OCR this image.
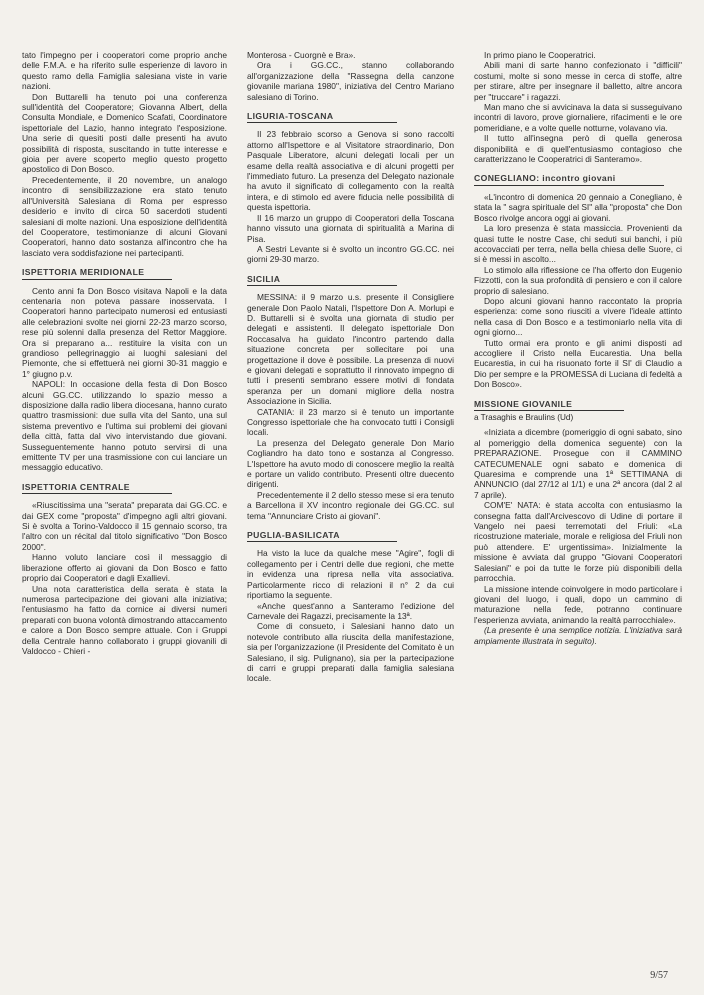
tato l'impegno per i cooperatori come proprio anche delle F.M.A. e ha riferito sulle esperienze di lavoro in questo ramo della Famiglia salesiana viste in varie nazioni.

Don Buttarelli ha tenuto poi una conferenza sull'identità del Cooperatore; Giovanna Albert, della Consulta Mondiale, e Domenico Scafati, Coordinatore ispettoriale del Lazio, hanno integrato l'esposizione. Una serie di quesiti posti dalle presenti ha avuto possibilità di risposta, suscitando in tutte interesse e gioia per avere scoperto meglio questo progetto apostolico di Don Bosco.

Precedentemente, il 20 novembre, un analogo incontro di sensibilizzazione era stato tenuto all'Università Salesiana di Roma per espresso desiderio e invito di circa 50 sacerdoti studenti salesiani di molte nazioni. Una esposizione dell'identità del Cooperatore, testimonianze di alcuni Giovani Cooperatori, hanno dato sostanza all'incontro che ha lasciato vera soddisfazione nei partecipanti.

ISPETTORIA MERIDIONALE

Cento anni fa Don Bosco visitava Napoli e la data centenaria non poteva passare inosservata. I Cooperatori hanno partecipato numerosi ed entusiasti alle celebrazioni svolte nei giorni 22-23 marzo scorso, rese più solenni dalla presenza del Rettor Maggiore. Ora si preparano a... restituire la visita con un grandioso pellegrinaggio ai luoghi salesiani del Piemonte, che si effettuerà nei giorni 30-31 maggio e 1° giugno p.v.

NAPOLI: In occasione della festa di Don Bosco alcuni GG.CC. utilizzando lo spazio messo a disposizione dalla radio libera diocesana, hanno curato quattro trasmissioni: due sulla vita del Santo, una sul sistema preventivo e l'ultima sui problemi dei giovani della città, fatta dal vivo intervistando due giovani. Susseguentemente hanno potuto servirsi di una emittente TV per una trasmissione con cui lanciare un messaggio educativo.

ISPETTORIA CENTRALE

«Riuscitissima una "serata" preparata dai GG.CC. e dai GEX come "proposta" d'impegno agli altri giovani. Si è svolta a Torino-Valdocco il 15 gennaio scorso, tra l'altro con un récital dal titolo significativo "Don Bosco 2000".

Hanno voluto lanciare così il messaggio di liberazione offerto ai giovani da Don Bosco e fatto proprio dai Cooperatori e dagli Exallievi.

Una nota caratteristica della serata è stata la numerosa partecipazione dei giovani alla iniziativa; l'entusiasmo ha fatto da cornice ai diversi numeri preparati con buona volontà dimostrando attaccamento e calore a Don Bosco sempre attuale. Con i Gruppi della Centrale hanno collaborato i gruppi giovanili di Valdocco - Chieri -

Monterosa - Cuorgnè e Bra».

Ora i GG.CC., stanno collaborando all'organizzazione della "Rassegna della canzone giovanile mariana 1980", iniziativa del Centro Mariano salesiano di Torino.

LIGURIA-TOSCANA

Il 23 febbraio scorso a Genova si sono raccolti attorno all'Ispettore e al Visitatore straordinario, Don Pasquale Liberatore, alcuni delegati locali per un esame della realtà associativa e di alcuni progetti per l'immediato futuro. La presenza del Delegato nazionale ha avuto il significato di collegamento con la realtà intera, e di stimolo ed avere fiducia nelle possibilità di questa ispettoria.

Il 16 marzo un gruppo di Cooperatori della Toscana hanno vissuto una giornata di spiritualità a Marina di Pisa.

A Sestri Levante si è svolto un incontro GG.CC. nei giorni 29-30 marzo.

SICILIA

MESSINA: il 9 marzo u.s. presente il Consigliere generale Don Paolo Natali, l'Ispettore Don A. Morlupi e D. Buttarelli si è svolta una giornata di studio per delegati e assistenti. Il delegato ispettoriale Don Roccasalva ha guidato l'incontro partendo dalla situazione concreta per sollecitare poi una progettazione il dove è possibile. La presenza di nuovi e giovani delegati e soprattutto il rinnovato impegno di tutti i presenti sembrano essere motivi di fondata speranza per un domani migliore della nostra Associazione in Sicilia.

CATANIA: il 23 marzo si è tenuto un importante Congresso ispettoriale che ha convocato tutti i Consigli locali.

La presenza del Delegato generale Don Mario Cogliandro ha dato tono e sostanza al Congresso. L'Ispettore ha avuto modo di conoscere meglio la realtà e portare un valido contributo. Presenti oltre duecento dirigenti.

Precedentemente il 2 dello stesso mese si era tenuto a Barcellona il XV incontro regionale dei GG.CC. sul tema "Annunciare Cristo ai giovani".

PUGLIA-BASILICATA

Ha visto la luce da qualche mese "Agire", fogli di collegamento per i Centri delle due regioni, che mette in evidenza una ripresa nella vita associativa. Particolarmente ricco di relazioni il n° 2 da cui riportiamo la seguente.

«Anche quest'anno a Santeramo l'edizione del Carnevale dei Ragazzi, precisamente la 13ª.

Come di consueto, i Salesiani hanno dato un notevole contributo alla riuscita della manifestazione, sia per l'organizzazione (il Presidente del Comitato è un Salesiano, il sig. Pulignano), sia per la partecipazione di carri e gruppi preparati dalla famiglia salesiana locale.

In primo piano le Cooperatrici.

Abili mani di sarte hanno confezionato i "difficili" costumi, molte si sono messe in cerca di stoffe, altre per stirare, altre per insegnare il balletto, altre ancora per "truccare" i ragazzi.

Man mano che si avvicinava la data si susseguivano incontri di lavoro, prove giornaliere, rifacimenti e le ore pomeridiane, e a volte quelle notturne, volavano via.

Il tutto all'insegna però di quella generosa disponibilità e di quell'entusiasmo contagioso che caratterizzano le Cooperatrici di Santeramo».

CONEGLIANO: incontro giovani

«L'incontro di domenica 20 gennaio a Conegliano, è stata la " sagra spirituale del SI" alla "proposta" che Don Bosco rivolge ancora oggi ai giovani.

La loro presenza è stata massiccia. Provenienti da quasi tutte le nostre Case, chi seduti sui banchi, i più accovacciati per terra, nella bella chiesa delle Suore, ci si è messi in ascolto...

Lo stimolo alla riflessione ce l'ha offerto don Eugenio Fizzotti, con la sua profondità di pensiero e con il calore proprio di salesiano.

Dopo alcuni giovani hanno raccontato la propria esperienza: come sono riusciti a vivere l'ideale attinto nella casa di Don Bosco e a testimoniarlo nella vita di ogni giorno...

Tutto ormai era pronto e gli animi disposti ad accogliere il Cristo nella Eucarestia. Una bella Eucarestia, in cui ha risuonato forte il SI' di Claudio a Dio per sempre e la PROMESSA di Luciana di fedeltà a Don Bosco».

MISSIONE GIOVANILE
a Trasaghis e Braulins (Ud)

«Iniziata a dicembre (pomeriggio di ogni sabato, sino al pomeriggio della domenica seguente) con la PREPARAZIONE. Prosegue con il CAMMINO CATECUMENALE ogni sabato e domenica di Quaresima e comprende una 1ª SETTIMANA di ANNUNCIO (dal 27/12 al 1/1) e una 2ª ancora (dal 2 al 7 aprile).

COM'E' NATA: è stata accolta con entusiasmo la consegna fatta dall'Arcivescovo di Udine di portare il Vangelo nei paesi terremotati del Friuli: «La ricostruzione materiale, morale e religiosa del Friuli non può attendere. E' urgentissima». Inizialmente la missione è avviata dal gruppo "Giovani Cooperatori Salesiani" e poi da tutte le forze più disponibili della parrocchia.

La missione intende coinvolgere in modo particolare i giovani del luogo, i quali, dopo un cammino di maturazione nella fede, potranno continuare l'esperienza avviata, animando la realtà parrocchiale».

(La presente è una semplice notizia. L'iniziativa sarà ampiamente illustrata in seguito).

9/57
